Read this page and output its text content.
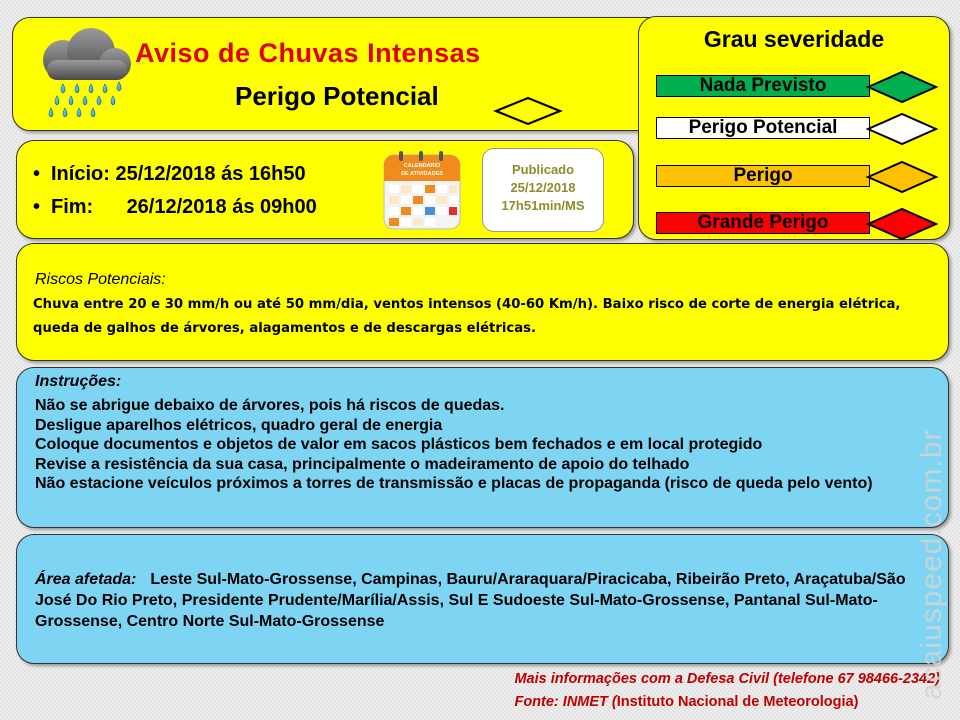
Aviso de Chuvas Intensas
Perigo Potencial
Grau severidade
Nada Previsto
Perigo Potencial
Perigo
Grande Perigo
• Início: 25/12/2018 ás 16h50
• Fim: 26/12/2018 ás 09h00
CALENDÁRIO
DE ATIVIDADES	Publicado
25/12/2018
17h51min/MS
Riscos Potenciais:
Chuva entre 20 e 30 mm/h ou até 50 mm/dia, ventos intensos (40-60 Km/h). Baixo risco de corte de energia elétrica, queda de galhos de árvores, alagamentos e de descargas elétricas.
Instruções:
Não se abrigue debaixo de árvores, pois há riscos de quedas.
Desligue aparelhos elétricos, quadro geral de energia
Coloque documentos e objetos de valor em sacos plásticos bem fechados e em local protegido
Revise a resistência da sua casa, principalmente o madeiramento de apoio do telhado
Não estacione veículos próximos a torres de transmissão e placas de propaganda (risco de queda pelo vento)
Área afetada: Leste Sul-Mato-Grossense, Campinas, Bauru/Araraquara/Piracicaba, Ribeirão Preto, Araçatuba/São José Do Rio Preto, Presidente Prudente/Marília/Assis, Sul E Sudoeste Sul-Mato-Grossense, Pantanal Sul-Mato-Grossense, Centro Norte Sul-Mato-Grossense
Mais informações com a Defesa Civil (telefone 67 98466-2342)
Fonte: INMET (Instituto Nacional de Meteorologia)
acaiuspeed.com.br
